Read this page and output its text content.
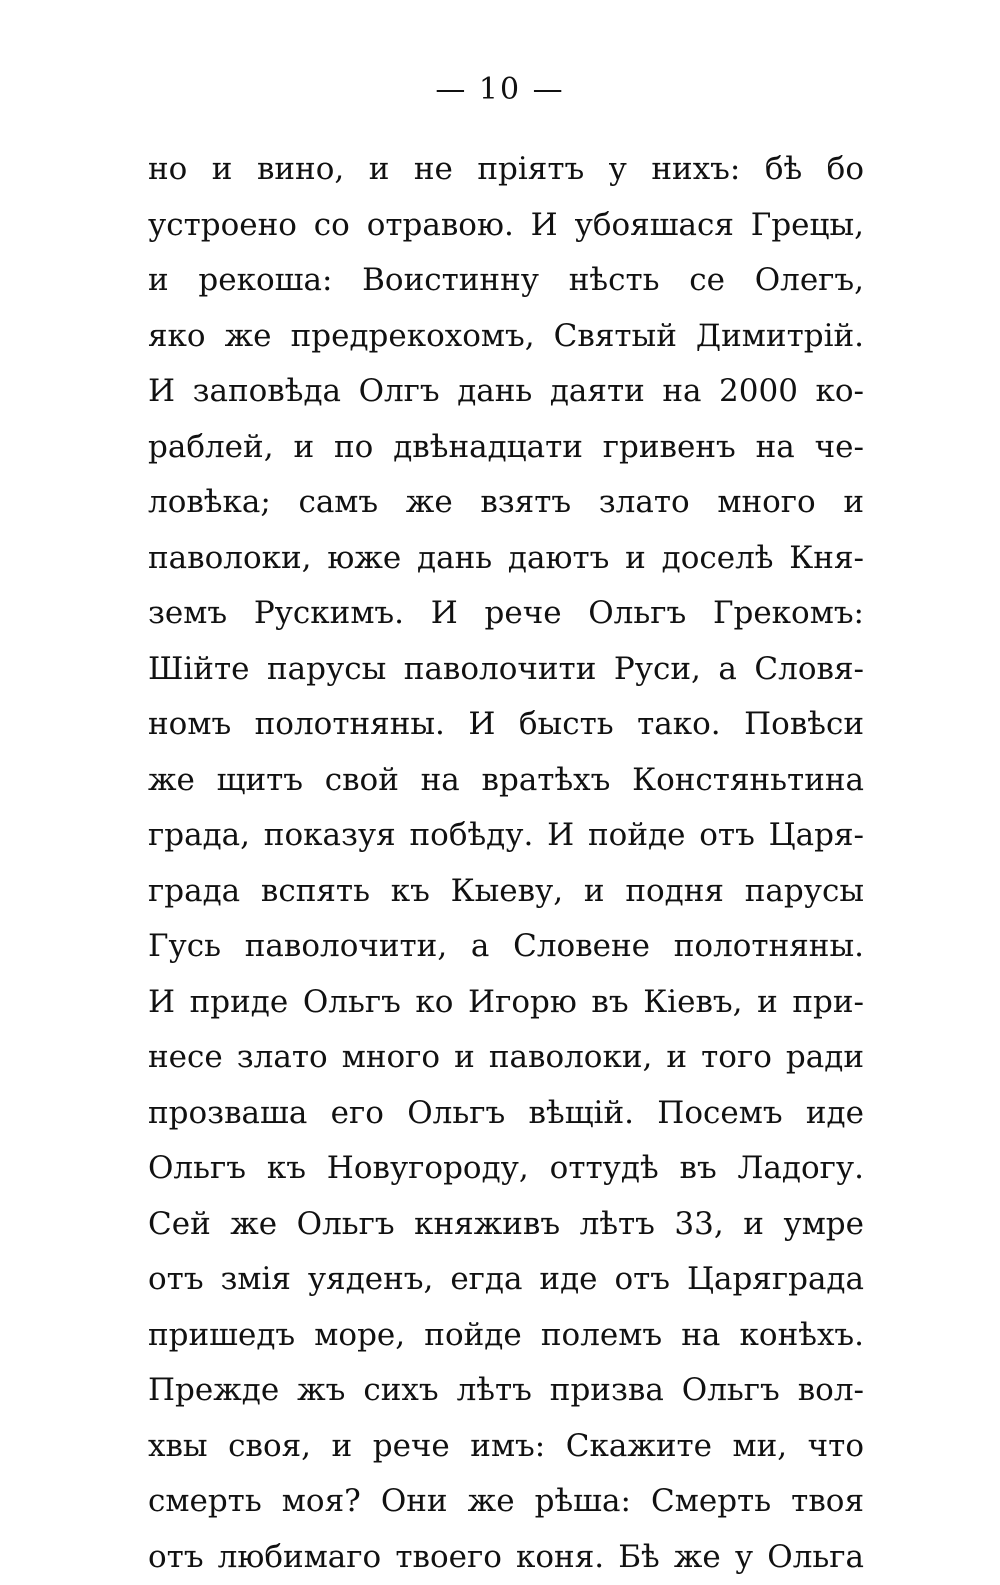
— 10 —
но и вино, и не пріятъ у нихъ: бѣ бо
устроено со отравою. И убояшася Грецы,
и рекоша: Воистинну нѣсть се Олегъ,
яко же предрекохомъ, Святый Димитрій.
И заповѣда Олгъ дань даяти на 2000 ко-
раблей, и по двѣнадцати гривенъ на че-
ловѣка; самъ же взятъ злато много и
паволоки, юже дань даютъ и доселѣ Кня-
земъ Рускимъ. И рече Ольгъ Грекомъ:
Шійте парусы паволочити Руси, а Словя-
номъ полотняны. И бысть тако. Повѣси
же щитъ свой на вратѣхъ Констяньтина
града, показуя побѣду. И пойде отъ Царя-
града вспять къ Кыеву, и подня парусы
Гусь паволочити, а Словене полотняны.
И приде Ольгъ ко Игорю въ Кіевъ, и при-
несе злато много и паволоки, и того ради
прозваша его Ольгъ вѣщій. Посемъ иде
Ольгъ къ Новугороду, оттудѣ въ Ладогу.
Сей же Ольгъ княживъ лѣтъ 33, и умре
отъ змія уяденъ, егда иде отъ Царяграда
пришедъ море, пойде полемъ на конѣхъ.
Прежде жъ сихъ лѣтъ призва Ольгъ вол-
хвы своя, и рече имъ: Скажите ми, что
смерть моя? Они же рѣша: Смерть твоя
отъ любимаго твоего коня. Бѣ же у Ольга
